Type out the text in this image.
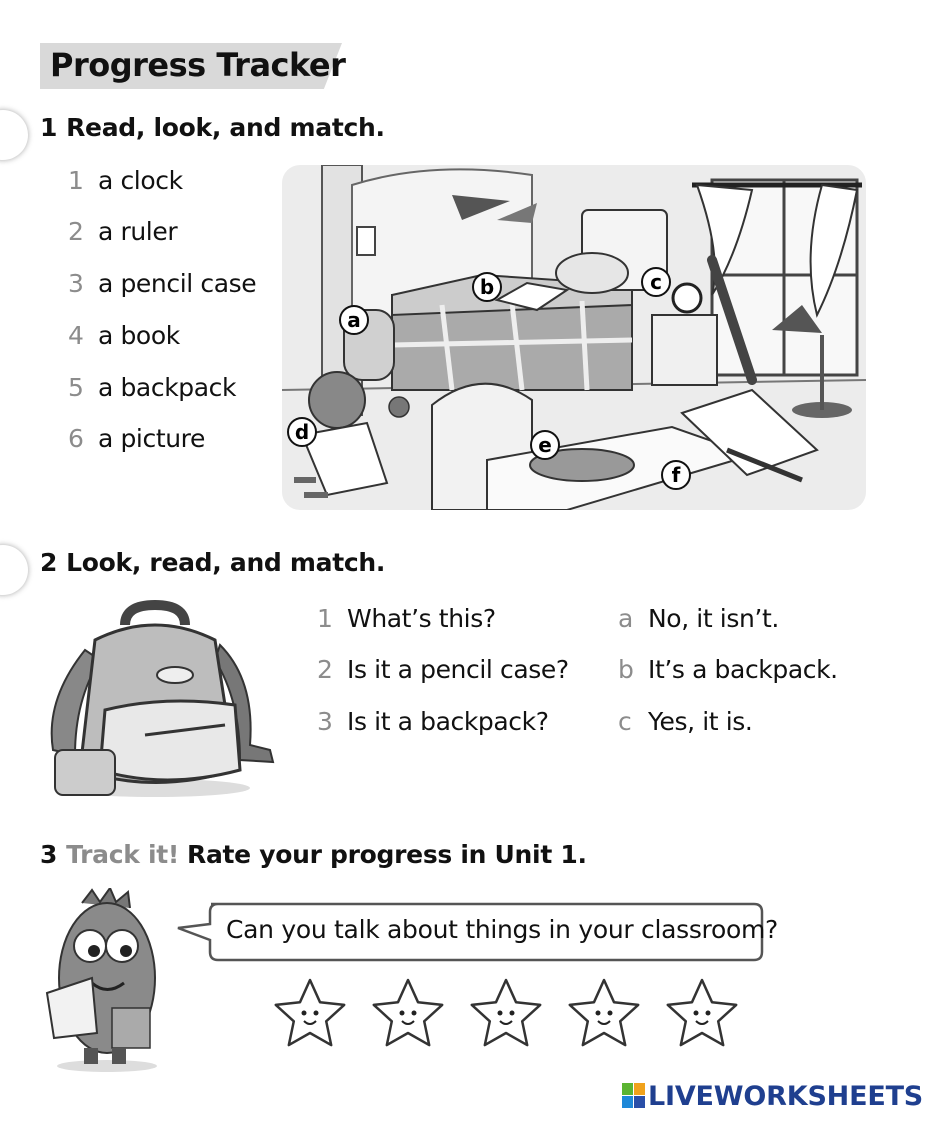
Progress Tracker
1 Read, look, and match.
1 a clock
2 a ruler
3 a pencil case
4 a book
5 a backpack
6 a picture
a
b	c
d
e
f
2 Look, read, and match.
1 What’s this?
2 Is it a pencil case?
3 Is it a backpack?
a No, it isn’t.
b It’s a backpack.
c Yes, it is.
3 Track it! Rate your progress in Unit 1.
Can you talk about things in your classroom?
LIVEWORKSHEETS
